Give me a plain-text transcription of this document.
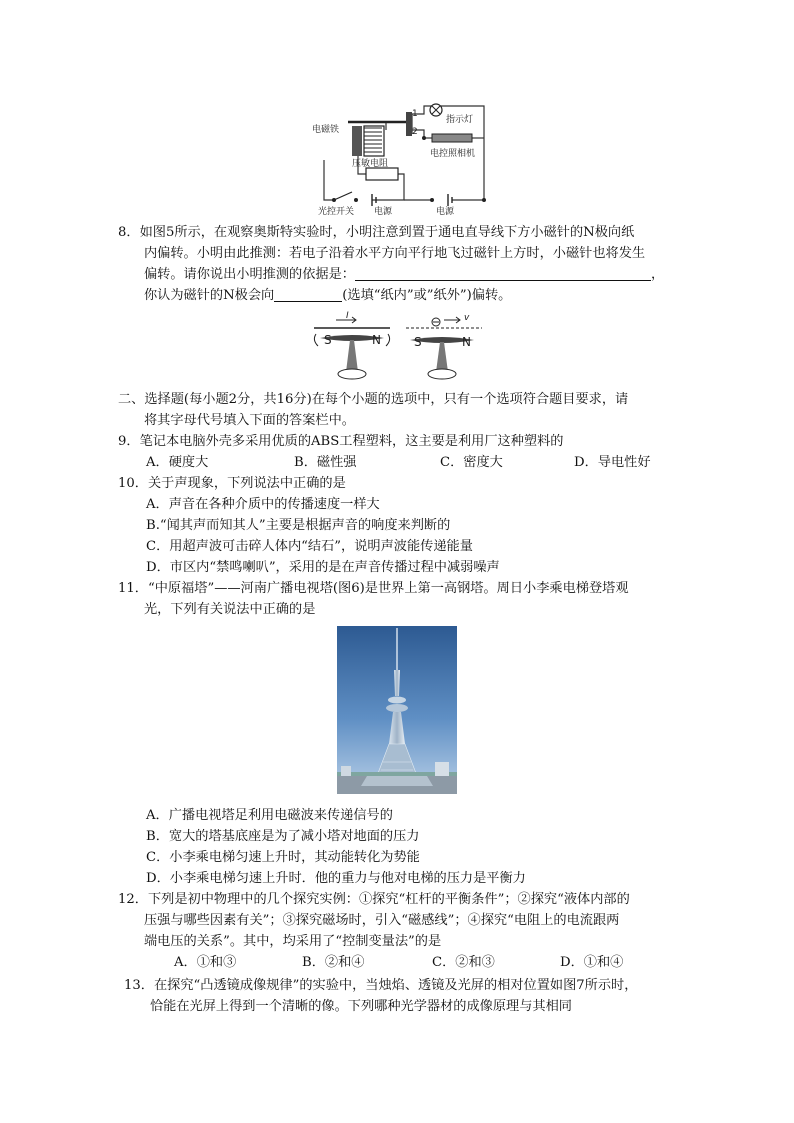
电磁铁
1
2
指示灯
电控照相机
压敏电阻
光控开关 电源	电源
8．如图5所示，在观察奥斯特实验时，小明注意到置于通电直导线下方小磁针的N极向纸
内偏转。小明由此推测：若电子沿着水平方向平行地飞过磁针上方时，小磁针也将发生
偏转。请你说出小明推测的依据是：	，
你认为磁针的N极会向	(选填“纸内”或”纸外”)偏转。
I
S	N
v
S	N
二、选择题(每小题2分，共16分)在每个小题的选项中，只有一个选项符合题目要求，请
将其字母代号填入下面的答案栏中。
9．笔记本电脑外壳多采用优质的ABS工程塑料，这主要是利用厂这种塑料的
A．硬度大	B．磁性强	C．密度大	D．导电性好
10．关于声现象，下列说法中正确的是
A．声音在各种介质中的传播速度一样大
B.“闻其声而知其人”主要是根据声音的响度来判断的
C．用超声波可击碎人体内“结石”，说明声波能传递能量
D．市区内“禁鸣喇叭”，采用的是在声音传播过程中减弱噪声
11．“中原福塔”——河南广播电视塔(图6)是世界上第一高钢塔。周日小李乘电梯登塔观
光，下列有关说法中正确的是
A．广播电视塔足利用电磁波来传递信号的
B．宽大的塔基底座是为了减小塔对地面的压力
C．小李乘电梯匀速上升时，其动能转化为势能
D．小李乘电梯匀速上升时．他的重力与他对电梯的压力是平衡力
12．下列是初中物理中的几个探究实例：①探究“杠杆的平衡条件”；②探究“液体内部的
压强与哪些因素有关”；③探究磁场时，引入“磁感线”；④探究“电阻上的电流跟两
端电压的关系”。其中，均采用了“控制变量法”的是
A．①和③	B．②和④	C．②和③	D．①和④
13．在探究“凸透镜成像规律”的实验中，当烛焰、透镜及光屏的相对位置如图7所示时，
恰能在光屏上得到一个清晰的像。下列哪种光学器材的成像原理与其相同
